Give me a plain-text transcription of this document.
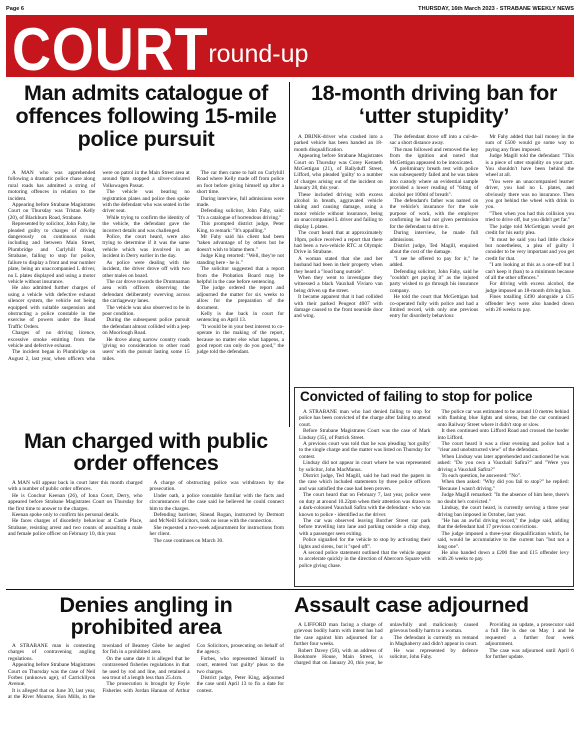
Page 6	THURSDAY, 16th March 2023 - STRABANE WEEKLY NEWS
COURT round-up
Man admits catalogue of offences following 15-mile police pursuit

A MAN who was apprehended following a dramatic police chase along rural roads has admitted a string of motoring offences in relation to the incident.

Appearing before Strabane Magistrates Court on Thursday was Tristan Kelly (20), of Blackburn Road, Strabane.

Represented by solicitor, John Fahy, he pleaded guilty to charges of driving dangerously on continuous roads including and between Main Street, Plumbridge and Curlyhill Road, Strabane, failing to stop for police, failure to display a front and rear number plate, being an unaccompanied L driver, no L plates displayed and using a motor vehicle without insurance.

He also admitted further charges of using a vehicle with defective exhaust silencer system, the vehicle not being equipped with suitable suspension and obstructing a police constable in the exercise of powers under the Road Traffic Orders.

Charges of no driving licence, excessive smoke emitting from the vehicle and defective exhaust.

The incident began in Plumbridge on August 2, last year, when officers who were on patrol in the Main Street area at around 8pm stopped a silver-coloured Volkswagen Passat.

The vehicle was bearing no registration plates and police then spoke with the defendant who was seated in the driver seat.

While trying to confirm the identity of the vehicle, the defendant gave the incorrect details and was challenged.

Police, the court heard, were also trying to determine if it was the same vehicle which was involved in an incident in Derry earlier in the day.

As police were dealing with the incident, the driver drove off with two other males on board.

The car drove towards the Drumnaman area with officers observing the defendant deliberately swerving across the carriageway lanes.

The vehicle was also observed to be in poor condition.

During the subsequent police pursuit the defendant almost collided with a jeep on Moorlough Road.

He drove along narrow country roads 'giving no consideration to other road users' with the pursuit lasting some 15 miles.

The car then came to halt on Curlyhill Road where Kelly made off from police on foot before giving himself up after a short time.

During interview, full admissions were made.

Defending solicitor, John Fahy, said: "It's a catalogue of horrendous driving."

This prompted district judge, Peter King, to remark: "It's appalling."

Mr Fahy said his client had been "taken advantage of by others but he doesn't wish to blame them."

Judge King retorted: "Well, they're not standing here - he is."

The solicitor suggested that a report from the Probation Board may be helpful in the case before sentencing.

The judge ordered the report and adjourned the matter for six weeks to allow for the preparation of the document.

Kelly is due back in court for sentencing on April 13.

"It would be in your best interest to co-operate in the making of the report, because no matter else what happens, a good report can only do you good," the judge told the defendant.

18-month driving ban for ‘utter stupidity’

A DRINK-driver who crashed into a parked vehicle has been handed an 18-month disqualification.

Appearing before Strabane Magistrates Court on Thursday was Corey Kenneth McGettigan (21), of Ballyduff Street, Lifford, who pleaded 'guilty' to a number of charges arising out of the incident on January 28, this year.

These included driving with excess alcohol in breath, aggravated vehicle taking and causing damage, using a motor vehicle without insurance, being an unaccompanied L driver and failing to display L plates.

The court heard that at approximately 10pm, police received a report that there had been a two-vehicle RTC at Olympic Drive in Strabane.

A woman stated that she and her husband had been in their property when they heard a "loud bang outside".

When they went to investigate they witnessed a black Vauxhall Viviaro van being driven up the street.

It became apparent that it had collided with their parked Peugeot 4007 with damage caused to the front nearside door and wing.

The defendant drove off into a cul-de-sac a short distance away.

The man followed and removed the key from the ignition and noted that McGettigan appeared to be intoxicated.

A preliminary breath test with police was subsequently failed and he was taken into custody where an evidential sample provided a lower reading of "64mg of alcohol per 100ml of breath".

The defendant's father was named on the vehicle's insurance for the sole purpose of work, with the employer confirming he had not given permission for the defendant to drive it.

During interview, he made full admissions.

District judge, Ted Magill, enquired about the cost of the damage.

"I see he offered to pay for it," he added.

Defending solicitor, John Fahy, said he "couldn't get paying it" as the injured party wished to go through his insurance company.

He told the court that McGettigan had co-operated fully with police and had a limited record, with only one previous entry for disorderly behaviour.

Mr Fahy added that bail money in the sum of £500 would go some way to paying any fines imposed.

Judge Magill told the defendant: "This is a piece of utter stupidity on your part. You shouldn't have been behind the wheel at all.

"You were an unaccompanied learner driver, you had no L plates, and obviously there was no insurance. Then you got behind the wheel with drink in you.

"Then when you had this collision you tried to drive off, but you didn't get far."

The judge told McGettigan would get credit for his early plea.

"It must be said you had little choice but nonetheless, a plea of guilty I consider to be very important and you get credit for that.

"I am looking at this as a one-off but I can't keep it (ban) to a minimum because of all the other offences."

For driving with excess alcohol, the judge imposed an 18-month driving ban.

Fines totalling £490 alongside a £15 offender levy were also handed down with 26 weeks to pay.

Convicted of failing to stop for police

A STRABANE man who had denied failing to stop for police has been convicted of the charge after failing to attend court.

Before Strabane Magistrates Court was the case of Mark Lindsay (35), of Patrick Street.

A previous court was told that he was pleading 'not guilty' to the single charge and the matter was listed on Thursday for contest.

Lindsay did not appear in court where he was represented by solicitor, John MacManus.

District judge, Ted Magill, said he had read the papers in the case which included statements by three police officers and was satisfied the case had been proven.

The court heard that on February 7, last year, police were on duty at around 10.22pm when their attention was drawn to a dark-coloured Vauxhall Safira with the defendant - who was known to police - identified as the driver.

The car was observed leaving Butcher Street car park before travelling into lane and parking outside a chip shop, with a passenger seen exiting.

Police signalled for the vehicle to stop by activating their lights and sirens, but it "sped off".

A second police statement outlined that the vehicle appear to accelerate quickly in the direction of Abercorn Square with police giving chase.

The police car was estimated to be around 10 metres behind with flashing blue lights and sirens, but the car continued onto Railway Street where it didn't stop or slow.

It then continued onto Lifford Road and crossed the border into Lifford.

The court heard it was a clear evening and police had a "clear and unobstructed view" of the defendant.

When Lindsay was later apprehended and cautioned he was asked: "Do you own a Vauxhall Safira?" and "Were you driving a Vauxhall Safira?"

To each question, he answered: "No".

When then asked: "Why did you fail to stop?" he replied: "Because I wasn't driving."

Judge Magill remarked: "In the absence of him here, there's no doubt he's convicted."

Lindsay, the court heard, is currently serving a three year driving ban imposed in October, last year.

"He has an awful driving record," the judge said, adding that the defendant had 17 previous convictions.

The judge imposed a three-year disqualification which, he said, would be accumulative to the current ban "but not a long one".

He also handed down a £200 fine and £15 offender levy with 26 weeks to pay.

Man charged with public order offences

A MAN will appear back in court later this month charged with a number of public order offences.

He is Conchur Keenan (26), of Iona Court, Derry, who appeared before Strabane Magistrates Court on Thursday for the first time to answer to the charges.

Keenan spoke only to confirm his personal details.

He faces charges of disorderly behaviour at Castle Place, Strabane, resisting arrest and two counts of assaulting a male and female police officer on February 10, this year.

A charge of obstructing police was withdrawn by the prosecution.

Under oath, a police constable familiar with the facts and circumstances of the case said he believed he could connect him to the charges.

Defending barrister, Sinead Rogan, instructed by Dermott and McNeill Solicitors, took no issue with the connection.

She requested a two-week adjournment for instructions from her client.

The case continues on March 30.

Denies angling in prohibited area

A STRABANE man is contesting charges of contravening angling regulations.

Appearing before Strabane Magistrates Court on Thursday was the case of Neil Forbes (unknown age), of Carrickllyon Avenue.

It is alleged that on June 30, last year, at the River Mourne, Sion Mills, in the townland of Beamey Glebe he angled for fish in a prohibited area.

On the same date it is alleged that he contravened fisheries regulations in that he used by rod and line, and retained a sea trout of a length less than 25.4cm.

The prosecution is brought by Foyle Fisheries with Jordan Hannan of Arthur Cox Solicitors, prosecuting on behalf of the agency.

Forbes, who represented himself in court, entered 'not guilty' pleas to the two charges.

District judge, Peter King, adjourned the case until April 13 to fix a date for contest.

Assault case adjourned

A LIFFORD man facing a charge of grievous bodily harm with intent has had the case against him adjourned for a further four weeks.

Robert Davey (56), with an address of Bookmore House, Main Street, is charged that on January 20, this year, he unlawfully and maliciously caused grievous bodily harm to a woman.

The defendant is currently on remand in Maghaberry and didn't appear in court.

He was represented by defence solicitor, John Fahy.

Providing an update, a prosecutor said a full file is due on May 1 and he requested a further four week adjournment.

The case was adjourned until April 6 for further update.
